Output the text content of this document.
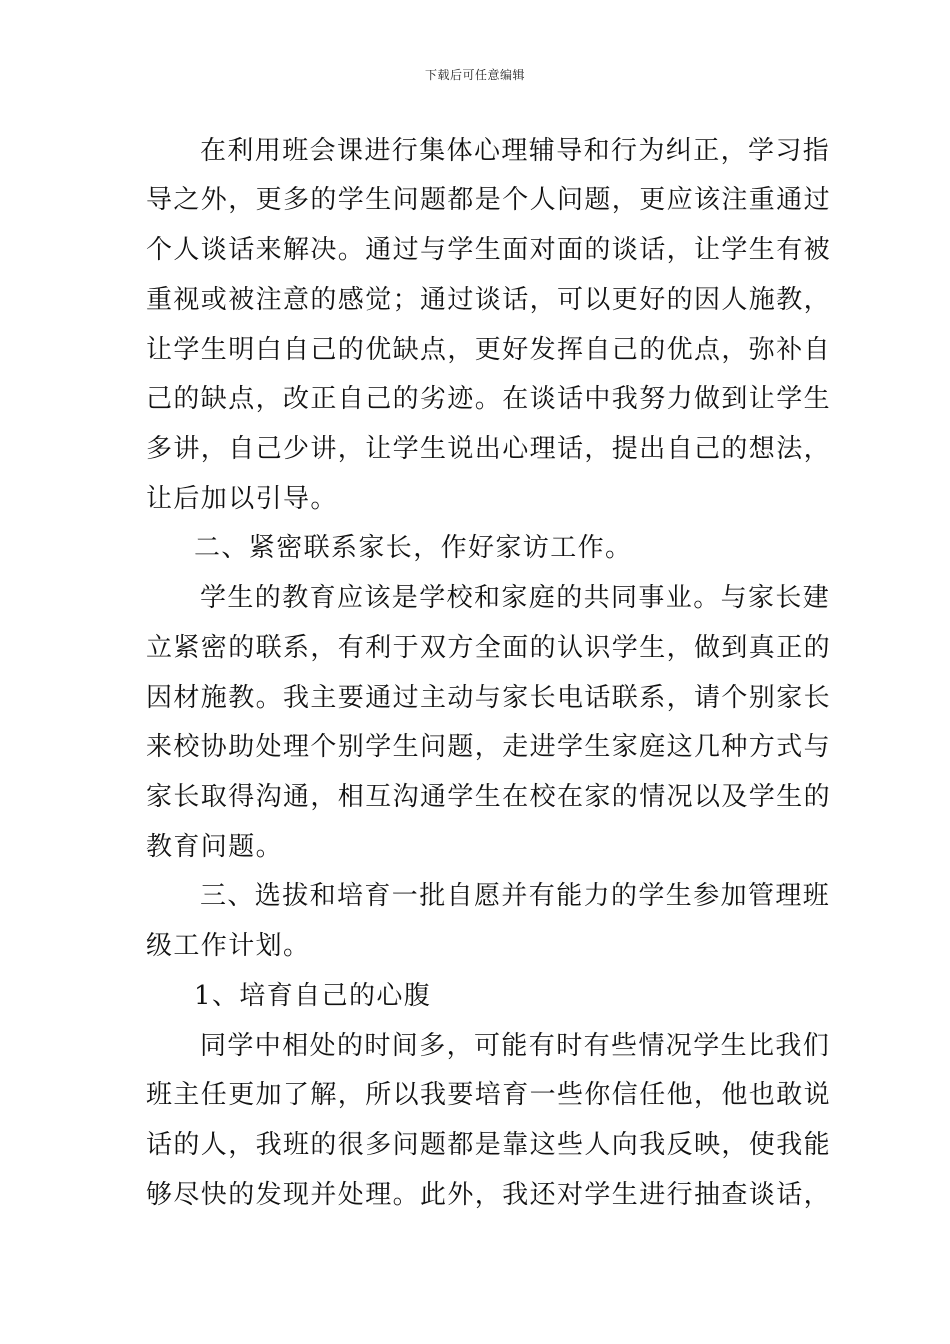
下载后可任意编辑
在利用班会课进行集体心理辅导和行为纠正，学习指
导之外，更多的学生问题都是个人问题，更应该注重通过
个人谈话来解决。通过与学生面对面的谈话，让学生有被
重视或被注意的感觉；通过谈话，可以更好的因人施教，
让学生明白自己的优缺点，更好发挥自己的优点，弥补自
己的缺点，改正自己的劣迹。在谈话中我努力做到让学生
多讲，自己少讲，让学生说出心理话，提出自己的想法，
让后加以引导。
二、紧密联系家长，作好家访工作。
学生的教育应该是学校和家庭的共同事业。与家长建
立紧密的联系，有利于双方全面的认识学生，做到真正的
因材施教。我主要通过主动与家长电话联系，请个别家长
来校协助处理个别学生问题，走进学生家庭这几种方式与
家长取得沟通，相互沟通学生在校在家的情况以及学生的
教育问题。
三、选拔和培育一批自愿并有能力的学生参加管理班
级工作计划。
1、培育自己的心腹
同学中相处的时间多，可能有时有些情况学生比我们
班主任更加了解，所以我要培育一些你信任他，他也敢说
话的人，我班的很多问题都是靠这些人向我反映，使我能
够尽快的发现并处理。此外，我还对学生进行抽查谈话，
